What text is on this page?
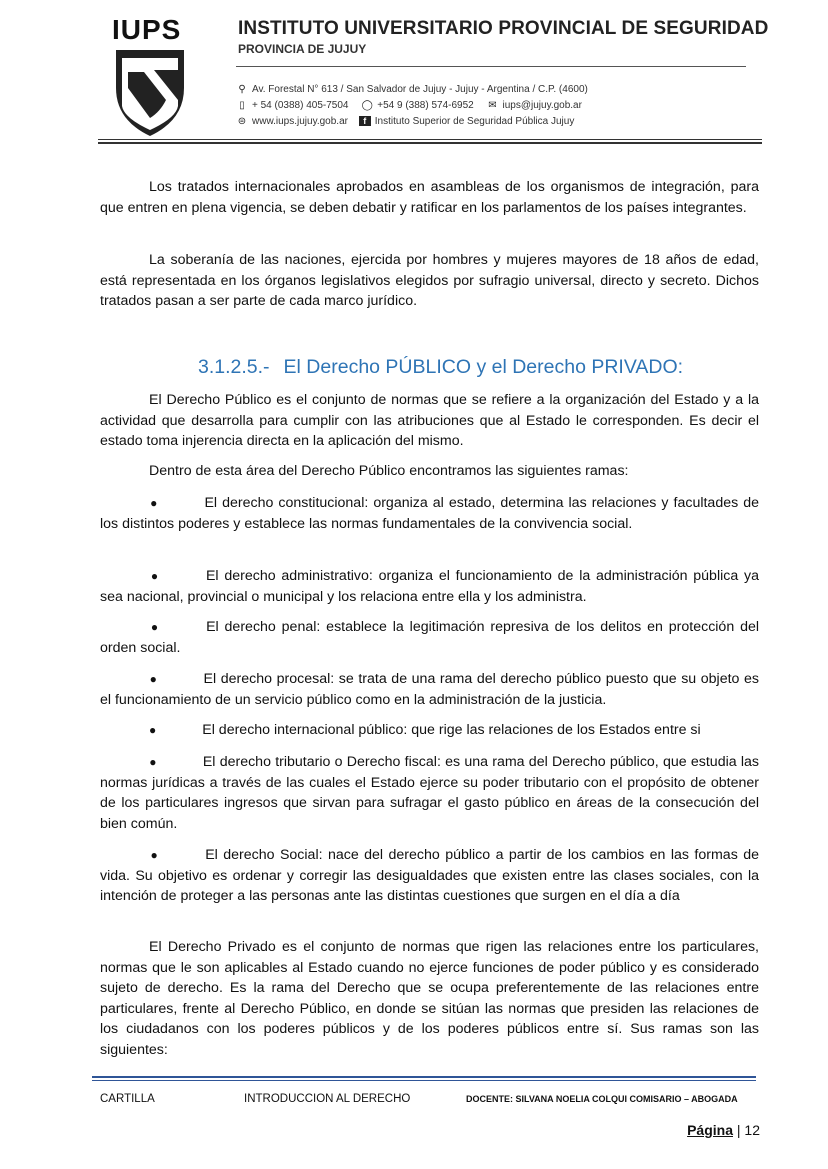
IUPS	INSTITUTO UNIVERSITARIO PROVINCIAL DE SEGURIDAD
PROVINCIA DE JUJUY
⚲ Av. Forestal N° 613 / San Salvador de Jujuy - Jujuy - Argentina / C.P. (4600)
▯ + 54 (0388) 405-7504 ◯ +54 9 (388) 574-6952 ✉ iups@jujuy.gob.ar
⊜ www.iups.jujuy.gob.ar f Instituto Superior de Seguridad Pública Jujuy
Los tratados internacionales aprobados en asambleas de los organismos de integración, para que entren en plena vigencia, se deben debatir y ratificar en los parlamentos de los países integrantes.
La soberanía de las naciones, ejercida por hombres y mujeres mayores de 18 años de edad, está representada en los órganos legislativos elegidos por sufragio universal, directo y secreto. Dichos tratados pasan a ser parte de cada marco jurídico.
3.1.2.5.- El Derecho PÚBLICO y el Derecho PRIVADO:
El Derecho Público es el conjunto de normas que se refiere a la organización del Estado y a la actividad que desarrolla para cumplir con las atribuciones que al Estado le corresponden. Es decir el estado toma injerencia directa en la aplicación del mismo.
Dentro de esta área del Derecho Público encontramos las siguientes ramas:
●	El derecho constitucional: organiza al estado, determina las relaciones y facultades de los distintos poderes y establece las normas fundamentales de la convivencia social.
●	El derecho administrativo: organiza el funcionamiento de la administración pública ya sea nacional, provincial o municipal y los relaciona entre ella y los administra.
●	El derecho penal: establece la legitimación represiva de los delitos en protección del orden social.
●	El derecho procesal: se trata de una rama del derecho público puesto que su objeto es el funcionamiento de un servicio público como en la administración de la justicia.
●	El derecho internacional público: que rige las relaciones de los Estados entre si
●	El derecho tributario o Derecho fiscal: es una rama del Derecho público, que estudia las normas jurídicas a través de las cuales el Estado ejerce su poder tributario con el propósito de obtener de los particulares ingresos que sirvan para sufragar el gasto público en áreas de la consecución del bien común.
●	El derecho Social: nace del derecho público a partir de los cambios en las formas de vida. Su objetivo es ordenar y corregir las desigualdades que existen entre las clases sociales, con la intención de proteger a las personas ante las distintas cuestiones que surgen en el día a día
El Derecho Privado es el conjunto de normas que rigen las relaciones entre los particulares, normas que le son aplicables al Estado cuando no ejerce funciones de poder público y es considerado sujeto de derecho. Es la rama del Derecho que se ocupa preferentemente de las relaciones entre particulares, frente al Derecho Público, en donde se sitúan las normas que presiden las relaciones de los ciudadanos con los poderes públicos y de los poderes públicos entre sí. Sus ramas son las siguientes:
CARTILLA	INTRODUCCION AL DERECHO	DOCENTE: SILVANA NOELIA COLQUI COMISARIO – ABOGADA
Página | 12
